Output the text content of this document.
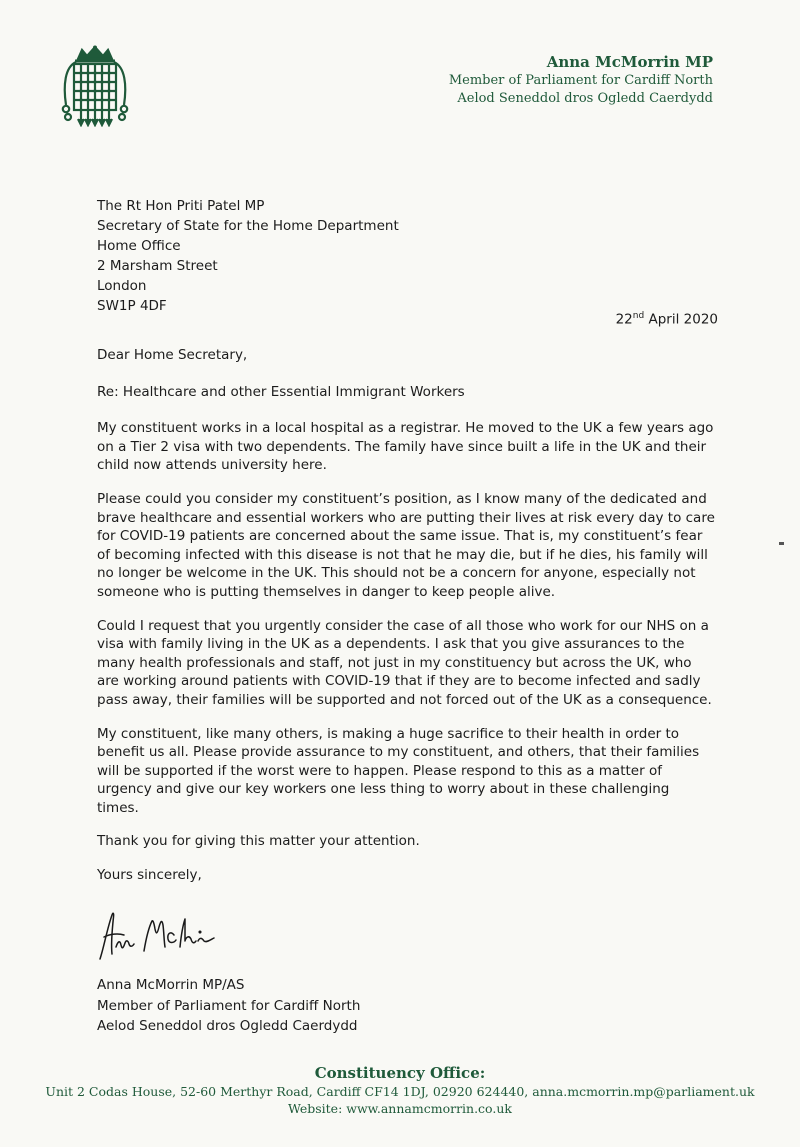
Anna McMorrin MP
Member of Parliament for Cardiff North
Aelod Seneddol dros Ogledd Caerdydd
The Rt Hon Priti Patel MP
Secretary of State for the Home Department
Home Office
2 Marsham Street
London
SW1P 4DF
22nd April 2020

Dear Home Secretary,

Re: Healthcare and other Essential Immigrant Workers

My constituent works in a local hospital as a registrar. He moved to the UK a few years ago on a Tier 2 visa with two dependents. The family have since built a life in the UK and their child now attends university here.

Please could you consider my constituent’s position, as I know many of the dedicated and brave healthcare and essential workers who are putting their lives at risk every day to care for COVID-19 patients are concerned about the same issue. That is, my constituent’s fear of becoming infected with this disease is not that he may die, but if he dies, his family will no longer be welcome in the UK. This should not be a concern for anyone, especially not someone who is putting themselves in danger to keep people alive.

Could I request that you urgently consider the case of all those who work for our NHS on a visa with family living in the UK as a dependents. I ask that you give assurances to the many health professionals and staff, not just in my constituency but across the UK, who are working around patients with COVID-19 that if they are to become infected and sadly pass away, their families will be supported and not forced out of the UK as a consequence.

My constituent, like many others, is making a huge sacrifice to their health in order to benefit us all. Please provide assurance to my constituent, and others, that their families will be supported if the worst were to happen. Please respond to this as a matter of urgency and give our key workers one less thing to worry about in these challenging times.

Thank you for giving this matter your attention.

Yours sincerely,

Anna McMorrin MP/AS
Member of Parliament for Cardiff North
Aelod Seneddol dros Ogledd Caerdydd
Constituency Office:
Unit 2 Codas House, 52-60 Merthyr Road, Cardiff CF14 1DJ, 02920 624440, anna.mcmorrin.mp@parliament.uk
Website: www.annamcmorrin.co.uk
